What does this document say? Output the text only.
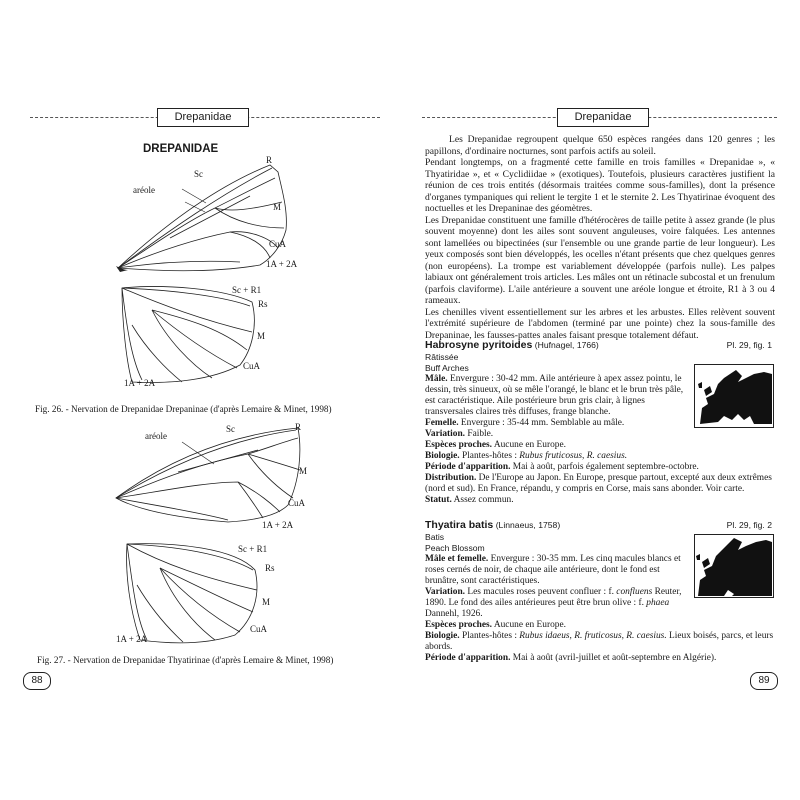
Drepanidae
DREPANIDAE
R
Sc
aréole
M
CuA
1A + 2A
Sc + R1
Rs
M
CuA
1A + 2A
Fig. 26. - Nervation de Drepanidae Drepaninae (d'après Lemaire & Minet, 1998)
R
Sc
aréole
M
CuA
1A + 2A
Sc + R1
Rs
M
CuA
1A + 2A
Fig. 27. - Nervation de Drepanidae Thyatirinae (d'après Lemaire & Minet, 1998)
88
Drepanidae

Les Drepanidae regroupent quelque 650 espèces rangées dans 120 genres ; les papillons, d'ordinaire nocturnes, sont parfois actifs au soleil.

Pendant longtemps, on a fragmenté cette famille en trois familles « Drepanidae », « Thyatiridae », et « Cyclidiidae » (exotiques). Toutefois, plusieurs caractères justifient la réunion de ces trois entités (désormais traitées comme sous-familles), dont la présence d'organes tympaniques qui relient le tergite 1 et le sternite 2. Les Thyatirinae évoquent des noctuelles et les Drepaninae des géomètres.

Les Drepanidae constituent une famille d'hétérocères de taille petite à assez grande (le plus souvent moyenne) dont les ailes sont souvent anguleuses, voire falquées. Les antennes sont lamellées ou bipectinées (sur l'ensemble ou une grande partie de leur longueur). Les yeux composés sont bien développés, les ocelles n'étant présents que chez quelques genres (non européens). La trompe est variablement développée (parfois nulle). Les palpes labiaux ont généralement trois articles. Les mâles ont un rétinacle subcostal et un frenulum (parfois claviforme). L'aile antérieure a souvent une aréole longue et étroite, R1 à 3 ou 4 rameaux.

Les chenilles vivent essentiellement sur les arbres et les arbustes. Elles relèvent souvent l'extrémité supérieure de l'abdomen (terminé par une pointe) chez la sous-famille des Drepaninae, les fausses-pattes anales faisant presque totalement défaut.

Habrosyne pyritoides (Hufnagel, 1766)	Pl. 29, fig. 1
Râtissée
Buff Arches
Mâle. Envergure : 30-42 mm. Aile antérieure à apex assez pointu, le dessin, très sinueux, où se mêle l'orangé, le blanc et le brun très pâle, est caractéristique. Aile postérieure brun gris clair, à lignes transversales claires très diffuses, frange blanche.
Femelle. Envergure : 35-44 mm. Semblable au mâle.
Variation. Faible.
Espèces proches. Aucune en Europe.
Biologie. Plantes-hôtes : Rubus fruticosus, R. caesius.
Période d'apparition. Mai à août, parfois également septembre-octobre.
Distribution. De l'Europe au Japon. En Europe, presque partout, excepté aux deux extrêmes (nord et sud). En France, répandu, y compris en Corse, mais sans abonder. Voir carte.
Statut. Assez commun.
Thyatira batis (Linnaeus, 1758)	Pl. 29, fig. 2
Batis
Peach Blossom
Mâle et femelle. Envergure : 30-35 mm. Les cinq macules blancs et roses cernés de noir, de chaque aile antérieure, dont le fond est brunâtre, sont caractéristiques.
Variation. Les macules roses peuvent confluer : f. confluens Reuter, 1890. Le fond des ailes antérieures peut être brun olive : f. phaea Dannehl, 1926.
Espèces proches. Aucune en Europe.
Biologie. Plantes-hôtes : Rubus idaeus, R. fruticosus, R. caesius. Lieux boisés, parcs, et leurs abords.
Période d'apparition. Mai à août (avril-juillet et août-septembre en Algérie).
89
